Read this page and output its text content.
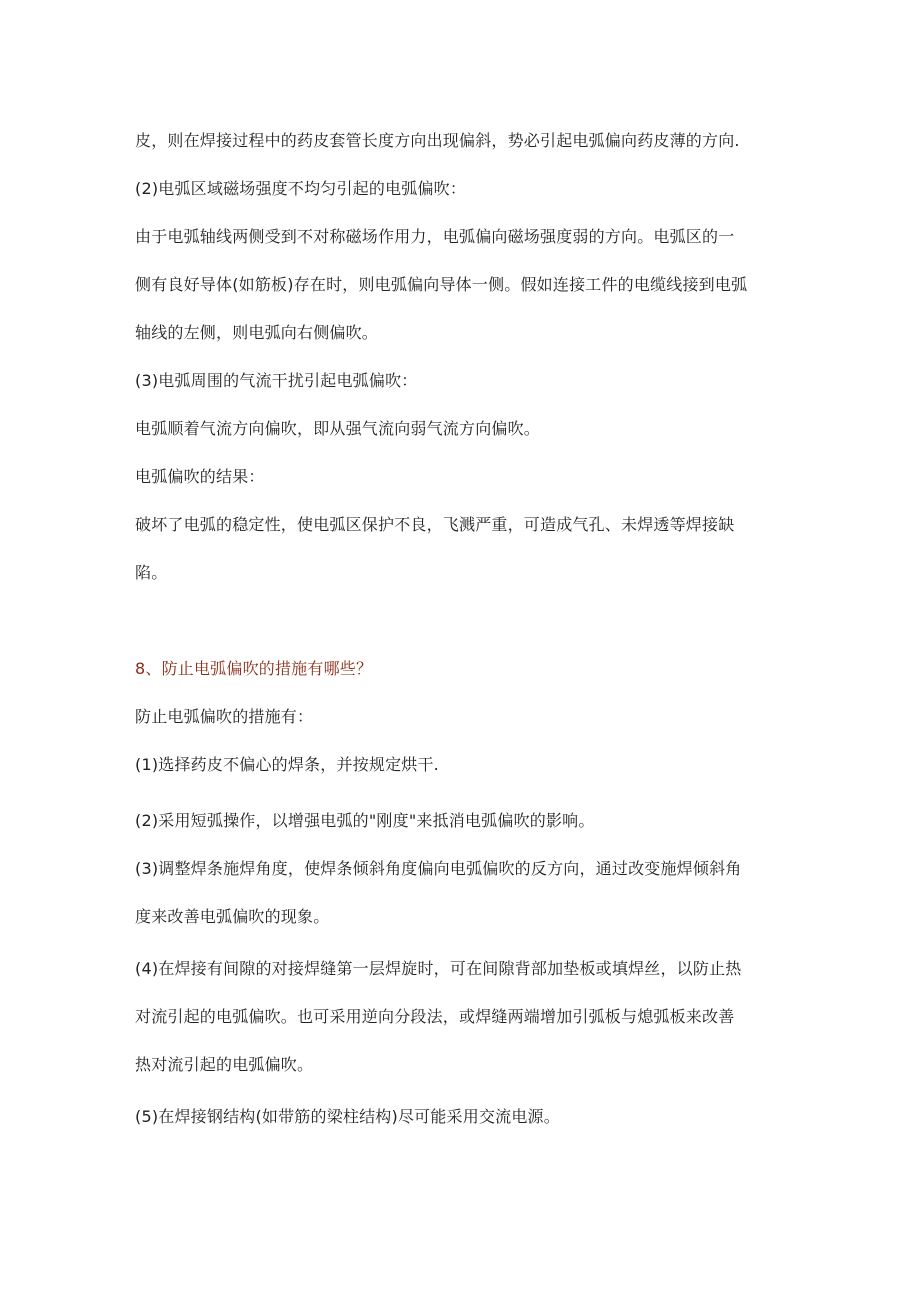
皮，则在焊接过程中的药皮套管长度方向出现偏斜，势必引起电弧偏向药皮薄的方向.
(2)电弧区域磁场强度不均匀引起的电弧偏吹：
由于电弧轴线两侧受到不对称磁场作用力，电弧偏向磁场强度弱的方向。电弧区的一
侧有良好导体(如筋板)存在时，则电弧偏向导体一侧。假如连接工件的电缆线接到电弧
轴线的左侧，则电弧向右侧偏吹。
(3)电弧周围的气流干扰引起电弧偏吹：
电弧顺着气流方向偏吹，即从强气流向弱气流方向偏吹。
电弧偏吹的结果：
破坏了电弧的稳定性，使电弧区保护不良，飞溅严重，可造成气孔、未焊透等焊接缺
陷。
8、防止电弧偏吹的措施有哪些？
防止电弧偏吹的措施有：
(1)选择药皮不偏心的焊条，并按规定烘干.
(2)采用短弧操作，以增强电弧的"刚度"来抵消电弧偏吹的影响。
(3)调整焊条施焊角度，使焊条倾斜角度偏向电弧偏吹的反方向，通过改变施焊倾斜角
度来改善电弧偏吹的现象。
(4)在焊接有间隙的对接焊缝第一层焊旋时，可在间隙背部加垫板或填焊丝，以防止热
对流引起的电弧偏吹。也可采用逆向分段法，或焊缝两端增加引弧板与熄弧板来改善
热对流引起的电弧偏吹。
(5)在焊接钢结构(如带筋的梁柱结构)尽可能采用交流电源。
